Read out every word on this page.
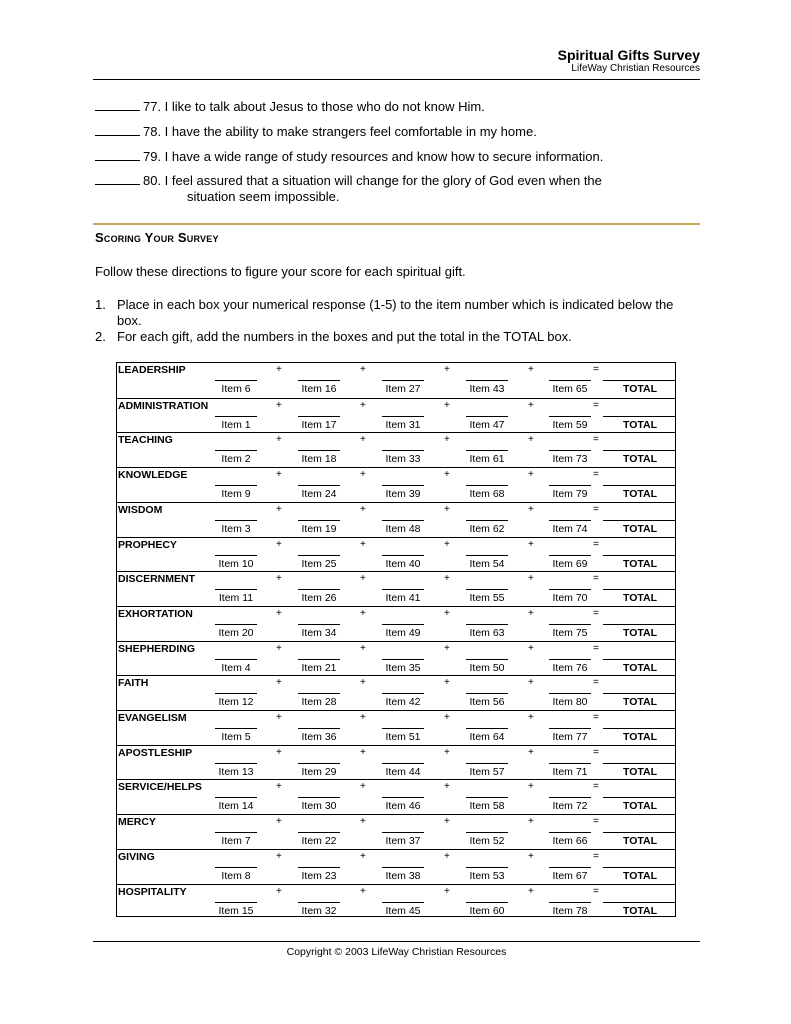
Spiritual Gifts Survey
LifeWay Christian Resources
77. I like to talk about Jesus to those who do not know Him.
78. I have the ability to make strangers feel comfortable in my home.
79. I have a wide range of study resources and know how to secure information.
80. I feel assured that a situation will change for the glory of God even when the
situation seem impossible.
Scoring Your Survey
Follow these directions to figure your score for each spiritual gift.
1. Place in each box your numerical response (1-5) to the item number which is indicated below the box.
2. For each gift, add the numbers in the boxes and put the total in the TOTAL box.
LEADERSHIP
Item 6
+
Item 16
+
Item 27
+
Item 43
+
Item 65
=
TOTAL
ADMINISTRATION
Item 1
+
Item 17
+
Item 31
+
Item 47
+
Item 59
=
TOTAL
TEACHING
Item 2
+
Item 18
+
Item 33
+
Item 61
+
Item 73
=
TOTAL
KNOWLEDGE
Item 9
+
Item 24
+
Item 39
+
Item 68
+
Item 79
=
TOTAL
WISDOM
Item 3
+
Item 19
+
Item 48
+
Item 62
+
Item 74
=
TOTAL
PROPHECY
Item 10
+
Item 25
+
Item 40
+
Item 54
+
Item 69
=
TOTAL
DISCERNMENT
Item 11
+
Item 26
+
Item 41
+
Item 55
+
Item 70
=
TOTAL
EXHORTATION
Item 20
+
Item 34
+
Item 49
+
Item 63
+
Item 75
=
TOTAL
SHEPHERDING
Item 4
+
Item 21
+
Item 35
+
Item 50
+
Item 76
=
TOTAL
FAITH
Item 12
+
Item 28
+
Item 42
+
Item 56
+
Item 80
=
TOTAL
EVANGELISM
Item 5
+
Item 36
+
Item 51
+
Item 64
+
Item 77
=
TOTAL
APOSTLESHIP
Item 13
+
Item 29
+
Item 44
+
Item 57
+
Item 71
=
TOTAL
SERVICE/HELPS
Item 14
+
Item 30
+
Item 46
+
Item 58
+
Item 72
=
TOTAL
MERCY
Item 7
+
Item 22
+
Item 37
+
Item 52
+
Item 66
=
TOTAL
GIVING
Item 8
+
Item 23
+
Item 38
+
Item 53
+
Item 67
=
TOTAL
HOSPITALITY
Item 15
+
Item 32
+
Item 45
+
Item 60
+
Item 78
=
TOTAL
Copyright © 2003 LifeWay Christian Resources
